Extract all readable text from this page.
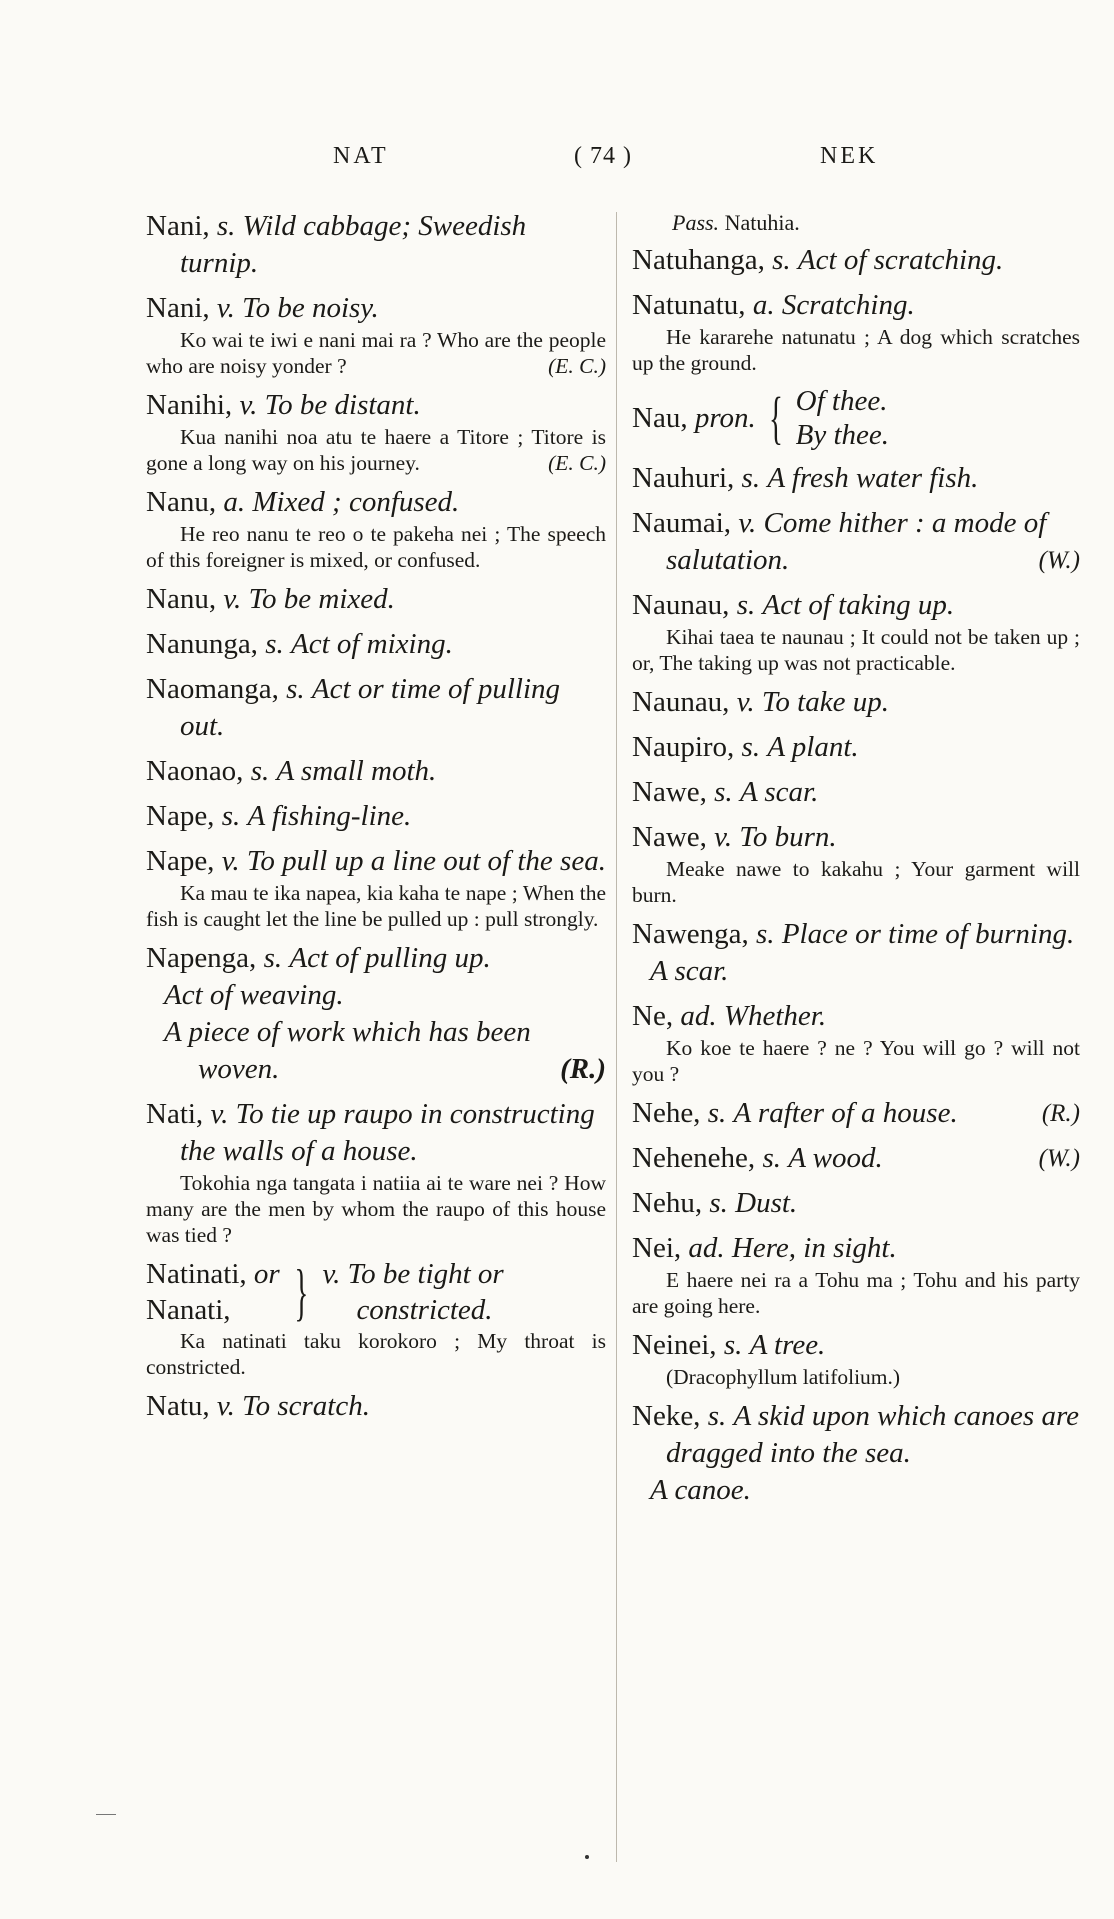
NAT	( 74 )	NEK
Nani, s. Wild cabbage; Sweedish turnip.
Nani, v. To be noisy.
Ko wai te iwi e nani mai ra ? Who are the people who are noisy yonder ?	(E. C.)
Nanihi, v. To be distant.
Kua nanihi noa atu te haere a Titore ; Titore is gone a long way on his journey.	(E. C.)
Nanu, a. Mixed ; confused.
He reo nanu te reo o te pakeha nei ; The speech of this foreigner is mixed, or confused.
Nanu, v. To be mixed.
Nanunga, s. Act of mixing.
Naomanga, s. Act or time of pulling out.
Naonao, s. A small moth.
Nape, s. A fishing-line.
Nape, v. To pull up a line out of the sea.
Ka mau te ika napea, kia kaha te nape ; When the fish is caught let the line be pulled up : pull strongly.
Napenga, s. Act of pulling up.
Act of weaving.
A piece of work which has been woven.	(R.)
Nati, v. To tie up raupo in constructing the walls of a house.
Tokohia nga tangata i natiia ai te ware nei ? How many are the men by whom the raupo of this house was tied ?
Natinati, or
Nanati, } v. To be tight or
constricted.
Ka natinati taku korokoro ; My throat is constricted.
Natu, v. To scratch.
Pass. Natuhia.
Natuhanga, s. Act of scratching.
Natunatu, a. Scratching.
He kararehe natunatu ; A dog which scratches up the ground.
Nau,
pron. { Of thee.
By thee.
Nauhuri, s. A fresh water fish.
Naumai, v. Come hither : a mode of salutation.	(W.)
Naunau, s. Act of taking up.
Kihai taea te naunau ; It could not be taken up ; or, The taking up was not practicable.
Naunau, v. To take up.
Naupiro, s. A plant.
Nawe, s. A scar.
Nawe, v. To burn.
Meake nawe to kakahu ; Your garment will burn.
Nawenga, s. Place or time of burning.
A scar.
Ne, ad. Whether.
Ko koe te haere ? ne ? You will go ? will not you ?
Nehe, s. A rafter of a house.	(R.)
Nehenehe, s. A wood.	(W.)
Nehu, s. Dust.
Nei, ad. Here, in sight.
E haere nei ra a Tohu ma ; Tohu and his party are going here.
Neinei, s. A tree.
(Dracophyllum latifolium.)
Neke, s. A skid upon which canoes are dragged into the sea.
A canoe.
